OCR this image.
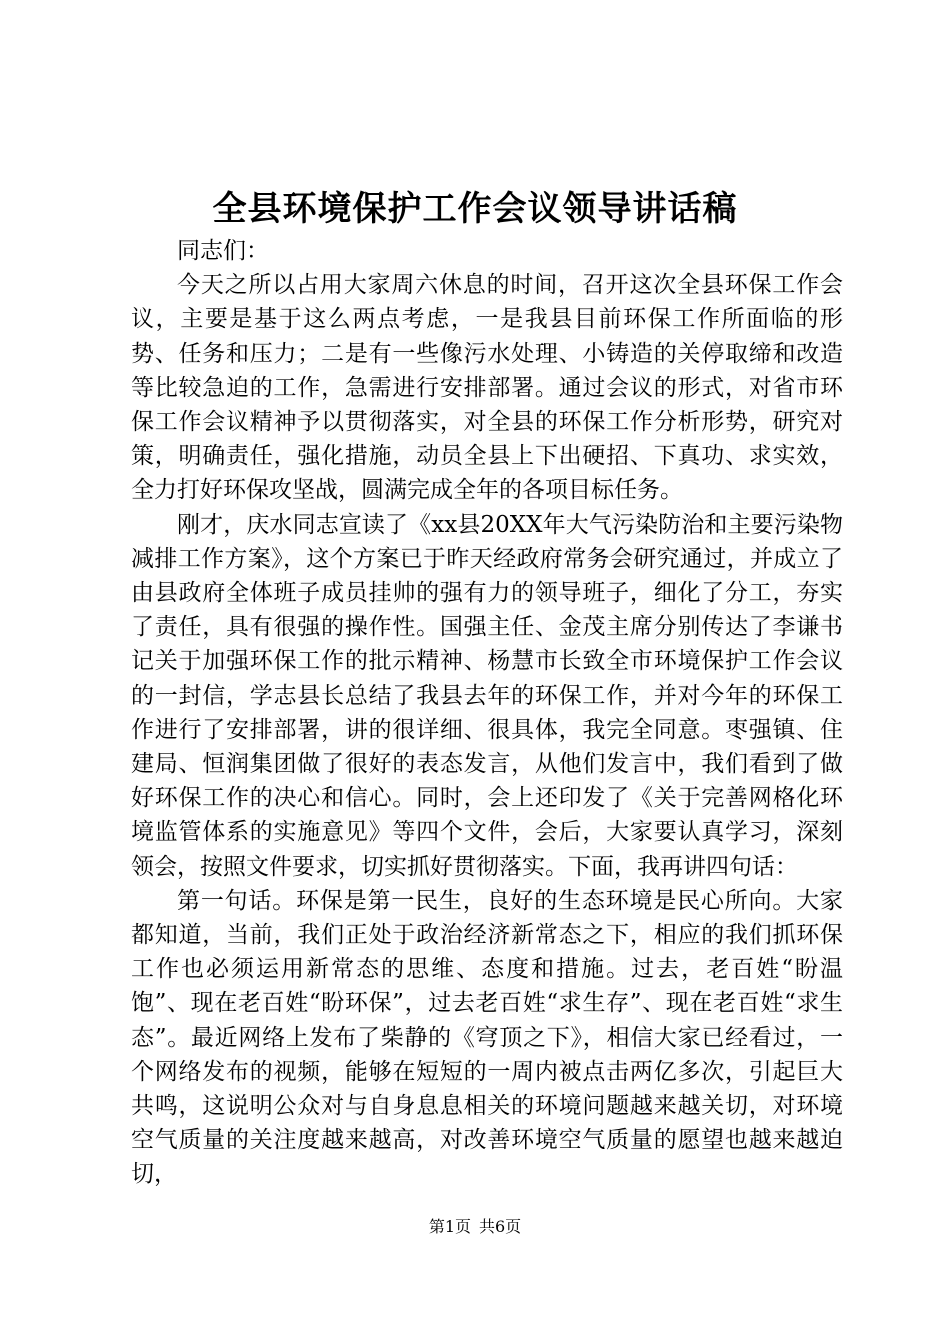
全县环境保护工作会议领导讲话稿

同志们：

今天之所以占用大家周六休息的时间，召开这次全县环保工作会议，主要是基于这么两点考虑，一是我县目前环保工作所面临的形势、任务和压力；二是有一些像污水处理、小铸造的关停取缔和改造等比较急迫的工作，急需进行安排部署。通过会议的形式，对省市环保工作会议精神予以贯彻落实，对全县的环保工作分析形势，研究对策，明确责任，强化措施，动员全县上下出硬招、下真功、求实效，全力打好环保攻坚战，圆满完成全年的各项目标任务。

刚才，庆水同志宣读了《xx县20XX年大气污染防治和主要污染物减排工作方案》，这个方案已于昨天经政府常务会研究通过，并成立了由县政府全体班子成员挂帅的强有力的领导班子，细化了分工，夯实了责任，具有很强的操作性。国强主任、金茂主席分别传达了李谦书记关于加强环保工作的批示精神、杨慧市长致全市环境保护工作会议的一封信，学志县长总结了我县去年的环保工作，并对今年的环保工作进行了安排部署，讲的很详细、很具体，我完全同意。枣强镇、住建局、恒润集团做了很好的表态发言，从他们发言中，我们看到了做好环保工作的决心和信心。同时，会上还印发了《关于完善网格化环境监管体系的实施意见》等四个文件，会后，大家要认真学习，深刻领会，按照文件要求，切实抓好贯彻落实。下面，我再讲四句话：

第一句话。环保是第一民生，良好的生态环境是民心所向。大家都知道，当前，我们正处于政治经济新常态之下，相应的我们抓环保工作也必须运用新常态的思维、态度和措施。过去，老百姓“盼温饱”、现在老百姓“盼环保”，过去老百姓“求生存”、现在老百姓“求生态”。最近网络上发布了柴静的《穹顶之下》，相信大家已经看过，一个网络发布的视频，能够在短短的一周内被点击两亿多次，引起巨大共鸣，这说明公众对与自身息息相关的环境问题越来越关切，对环境空气质量的关注度越来越高，对改善环境空气质量的愿望也越来越迫切，

第1页 共6页
